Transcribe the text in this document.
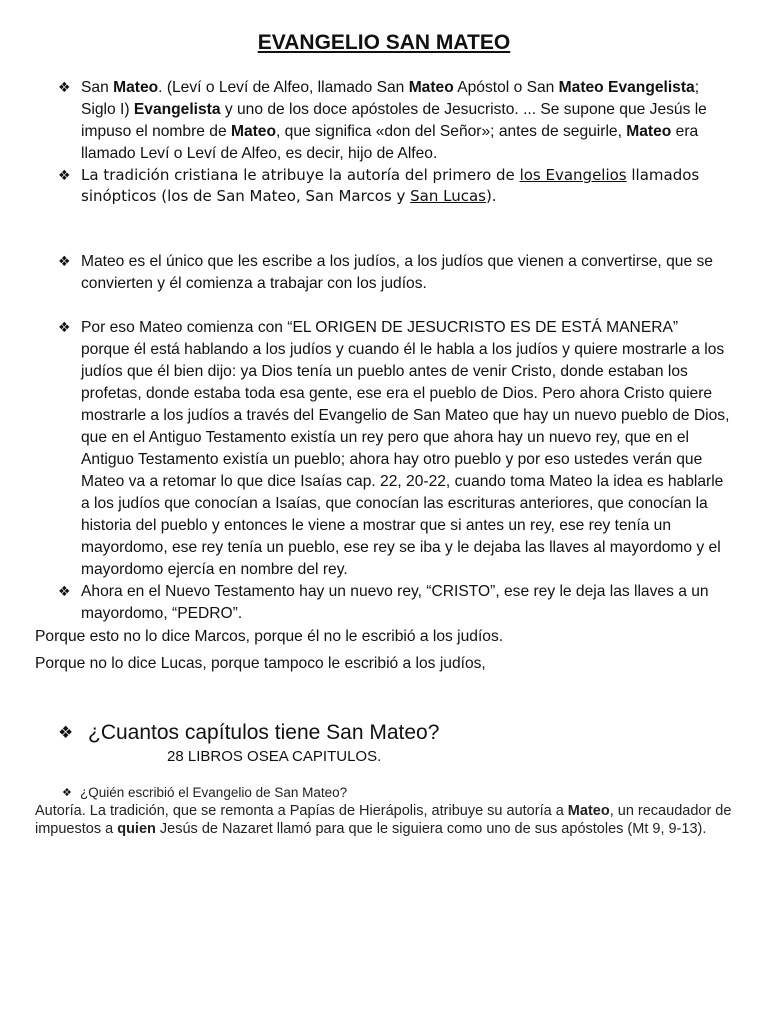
EVANGELIO SAN MATEO
❖ San Mateo. (Leví o Leví de Alfeo, llamado San Mateo Apóstol o San Mateo Evangelista; Siglo I) Evangelista y uno de los doce apóstoles de Jesucristo. ... Se supone que Jesús le impuso el nombre de Mateo, que significa «don del Señor»; antes de seguirle, Mateo era llamado Leví o Leví de Alfeo, es decir, hijo de Alfeo.
❖ La tradición cristiana le atribuye la autoría del primero de los Evangelios llamados sinópticos (los de San Mateo, San Marcos y San Lucas).
❖ Mateo es el único que les escribe a los judíos, a los judíos que vienen a convertirse, que se convierten y él comienza a trabajar con los judíos.
❖ Por eso Mateo comienza con “EL ORIGEN DE JESUCRISTO ES DE ESTÁ MANERA” porque él está hablando a los judíos y cuando él le habla a los judíos y quiere mostrarle a los judíos que él bien dijo: ya Dios tenía un pueblo antes de venir Cristo, donde estaban los profetas, donde estaba toda esa gente, ese era el pueblo de Dios. Pero ahora Cristo quiere mostrarle a los judíos a través del Evangelio de San Mateo que hay un nuevo pueblo de Dios, que en el Antiguo Testamento existía un rey pero que ahora hay un nuevo rey, que en el Antiguo Testamento existía un pueblo; ahora hay otro pueblo y por eso ustedes verán que Mateo va a retomar lo que dice Isaías cap. 22, 20-22, cuando toma Mateo la idea es hablarle a los judíos que conocían a Isaías, que conocían las escrituras anteriores, que conocían la historia del pueblo y entonces le viene a mostrar que si antes un rey, ese rey tenía un mayordomo, ese rey tenía un pueblo, ese rey se iba y le dejaba las llaves al mayordomo y el mayordomo ejercía en nombre del rey.
❖ Ahora en el Nuevo Testamento hay un nuevo rey, “CRISTO”, ese rey le deja las llaves a un mayordomo, “PEDRO”.
Porque esto no lo dice Marcos, porque él no le escribió a los judíos.
Porque no lo dice Lucas, porque tampoco le escribió a los judíos,
❖ ¿Cuantos capítulos tiene San Mateo?
28 LIBROS OSEA CAPITULOS.
❖ ¿Quién escribió el Evangelio de San Mateo?
Autoría. La tradición, que se remonta a Papías de Hierápolis, atribuye su autoría a Mateo, un recaudador de impuestos a quien Jesús de Nazaret llamó para que le siguiera como uno de sus apóstoles (Mt 9, 9-13).
